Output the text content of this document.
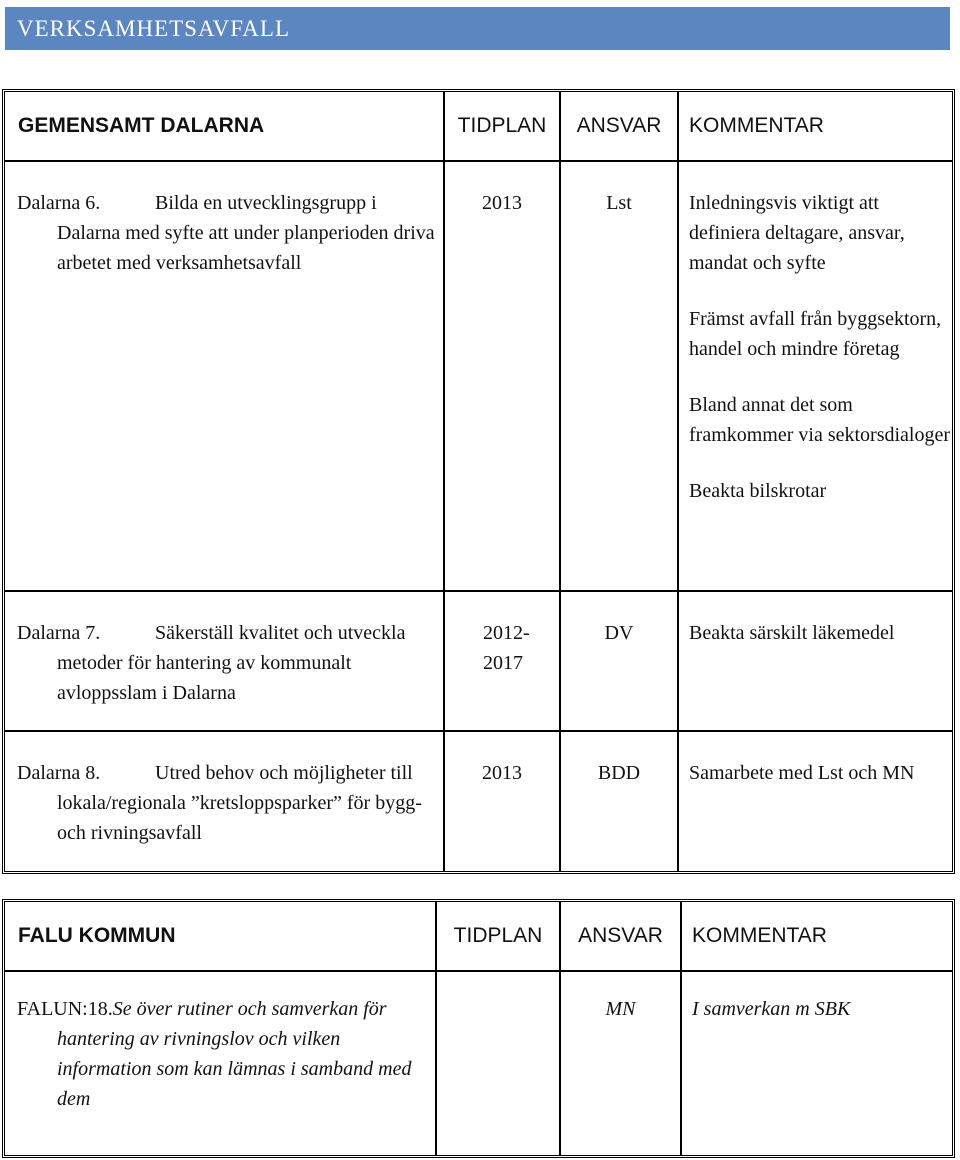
VERKSAMHETSAVFALL
GEMENSAMT DALARNA	TIDPLAN	ANSVAR	KOMMENTAR
Dalarna 6. Bilda en utvecklingsgrupp i Dalarna med syfte att under planperioden driva arbetet med verksamhetsavfall	2013	Lst	Inledningsvis viktigt att definiera deltagare, ansvar, mandat och syfte
Främst avfall från byggsektorn, handel och mindre företag
Bland annat det som framkommer via sektorsdialoger
Beakta bilskrotar

Dalarna 7. Säkerställ kvalitet och utveckla metoder för hantering av kommunalt avloppsslam i Dalarna	2012-2017	DV	Beakta särskilt läkemedel

Dalarna 8. Utred behov och möjligheter till lokala/regionala ”kretsloppsparker” för bygg- och rivningsavfall	2013	BDD	Samarbete med Lst och MN
FALU KOMMUN	TIDPLAN	ANSVAR	KOMMENTAR
FALUN:18.Se över rutiner och samverkan för hantering av rivningslov och vilken information som kan lämnas i samband med dem		MN	I samverkan m SBK
